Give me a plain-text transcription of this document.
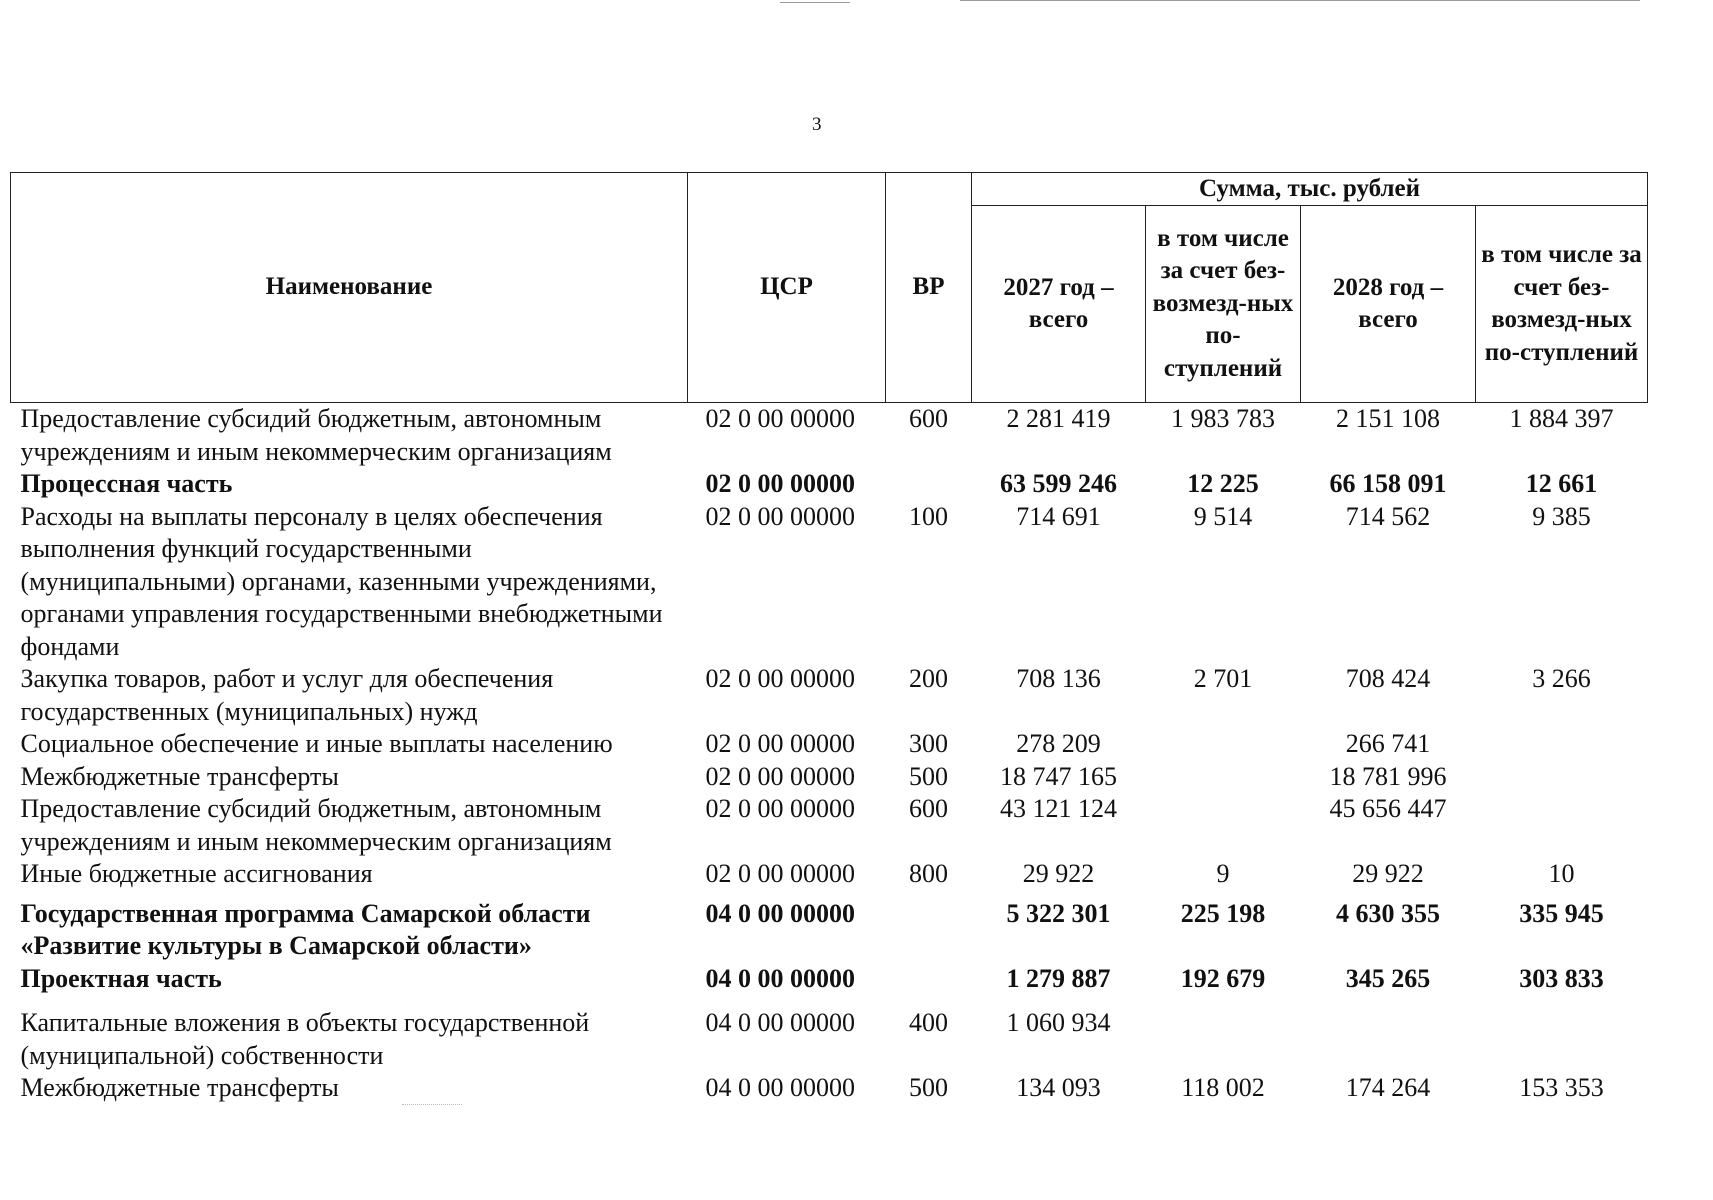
3
Наименование	ЦСР	ВР	Сумма, тыс. рублей			
			2027 год – всего	в том числе за счет без-возмезд-ных по-ступлений	2028 год – всего	в том числе за счет без-возмезд-ных по-ступлений
Предоставление субсидий бюджетным, автономным учреждениям и иным некоммерческим организациям	02 0 00 00000	600	2 281 419	1 983 783	2 151 108	1 884 397
Процессная часть	02 0 00 00000		63 599 246	12 225	66 158 091	12 661
Расходы на выплаты персоналу в целях обеспечения выполнения функций государственными (муниципальными) органами, казенными учреждениями, органами управления государственными внебюджетными фондами	02 0 00 00000	100	714 691	9 514	714 562	9 385
Закупка товаров, работ и услуг для обеспечения государственных (муниципальных) нужд	02 0 00 00000	200	708 136	2 701	708 424	3 266
Социальное обеспечение и иные выплаты населению	02 0 00 00000	300	278 209		266 741	
Межбюджетные трансферты	02 0 00 00000	500	18 747 165		18 781 996	
Предоставление субсидий бюджетным, автономным учреждениям и иным некоммерческим организациям	02 0 00 00000	600	43 121 124		45 656 447	
Иные бюджетные ассигнования	02 0 00 00000	800	29 922	9	29 922	10
Государственная программа Самарской области «Развитие культуры в Самарской области»	04 0 00 00000		5 322 301	225 198	4 630 355	335 945
Проектная часть	04 0 00 00000		1 279 887	192 679	345 265	303 833
Капитальные вложения в объекты государственной (муниципальной) собственности	04 0 00 00000	400	1 060 934			
Межбюджетные трансферты	04 0 00 00000	500	134 093	118 002	174 264	153 353
